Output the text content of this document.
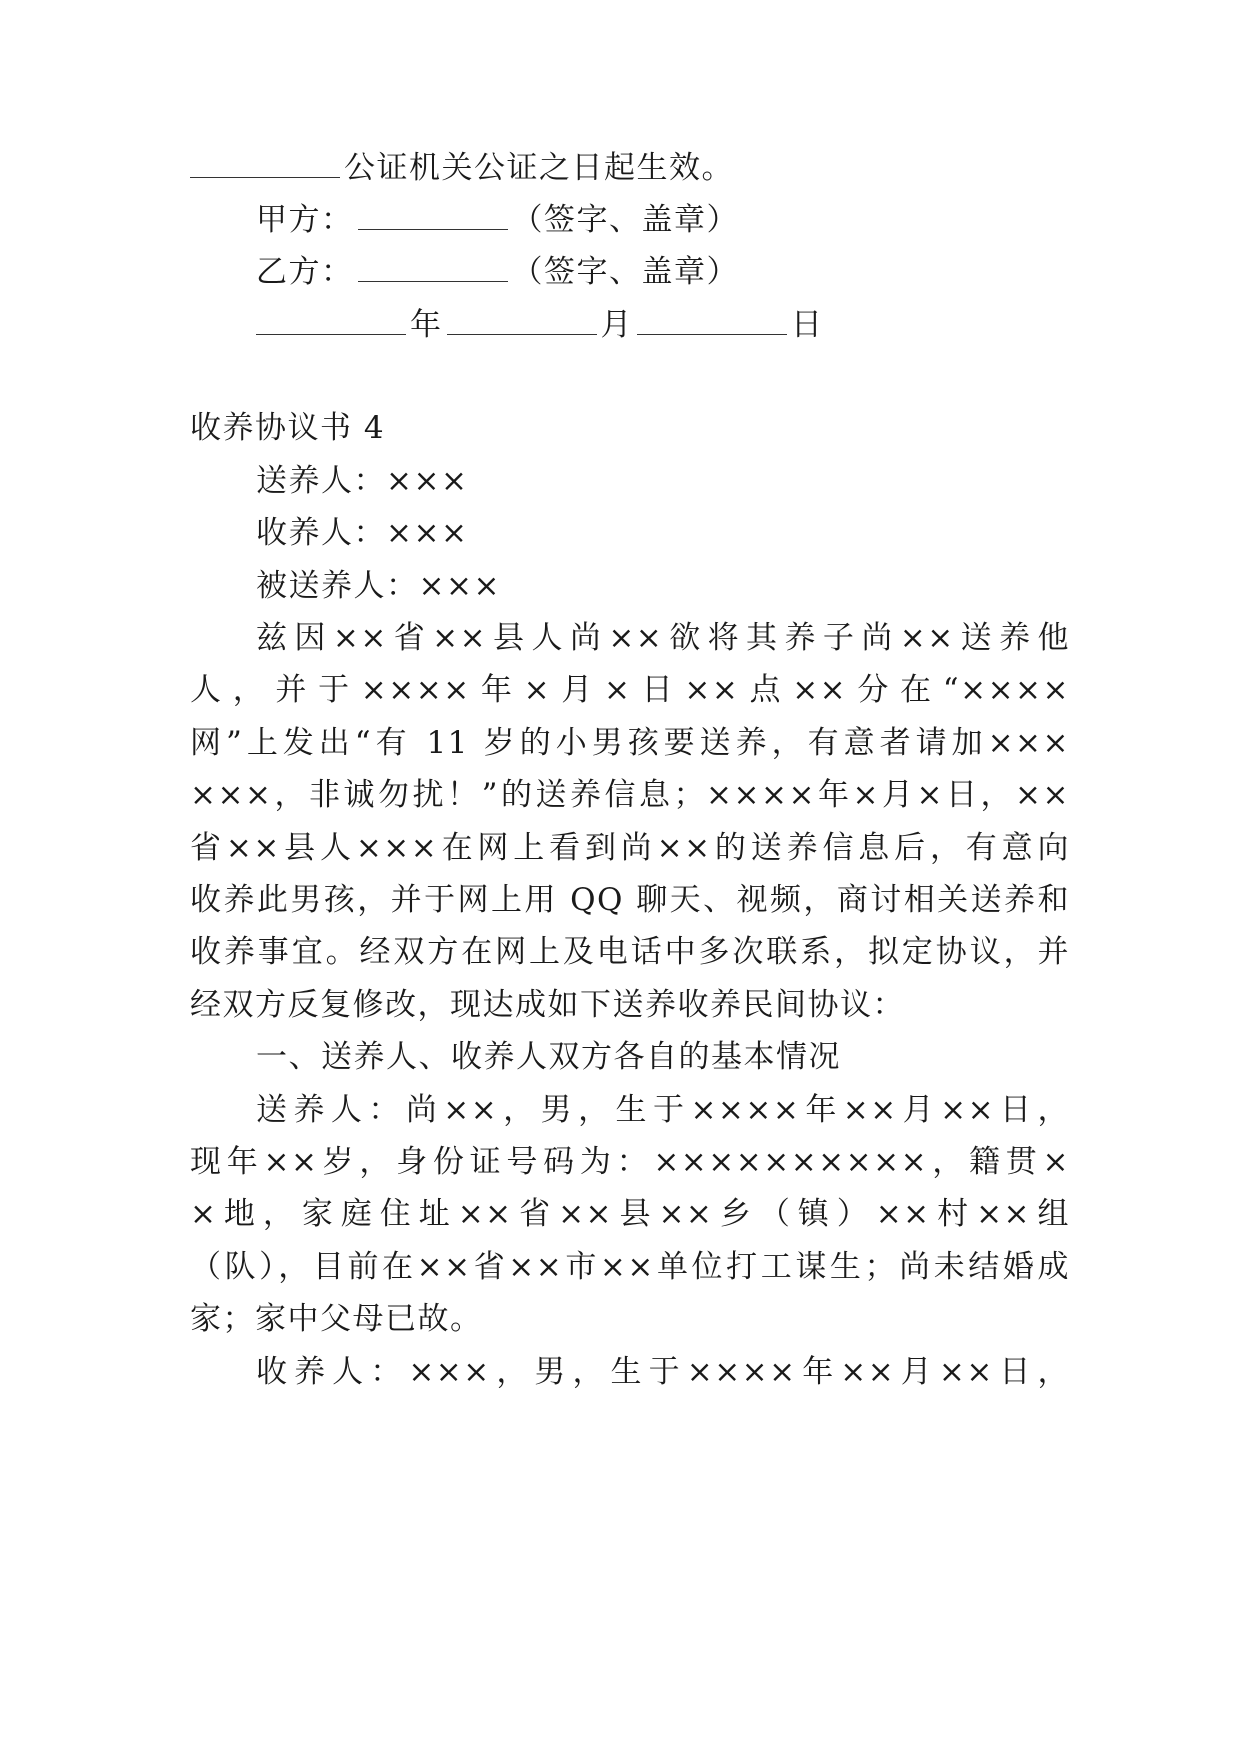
公证机关公证之日起生效。
甲方：	（签字、盖章）
乙方：	（签字、盖章）
年	月	日
收养协议书 4
送养人：×××
收养人：×××
被送养人：×××
兹因××省××县人尚××欲将其养子尚××送养他
人，并于××××年×月×日××点××分在“××××
网”上发出“有 11 岁的小男孩要送养，有意者请加×××
×××，非诚勿扰！”的送养信息；××××年×月×日，××
省××县人×××在网上看到尚××的送养信息后，有意向
收养此男孩，并于网上用 QQ 聊天、视频，商讨相关送养和
收养事宜。经双方在网上及电话中多次联系，拟定协议，并
经双方反复修改，现达成如下送养收养民间协议：
一、送养人、收养人双方各自的基本情况
送养人：尚××，男，生于××××年××月××日，
现年××岁，身份证号码为：××××××××××，籍贯×
×地，家庭住址××省××县××乡（镇）××村××组
（队），目前在××省××市××单位打工谋生；尚未结婚成
家；家中父母已故。
收养人：×××，男，生于××××年××月××日，
